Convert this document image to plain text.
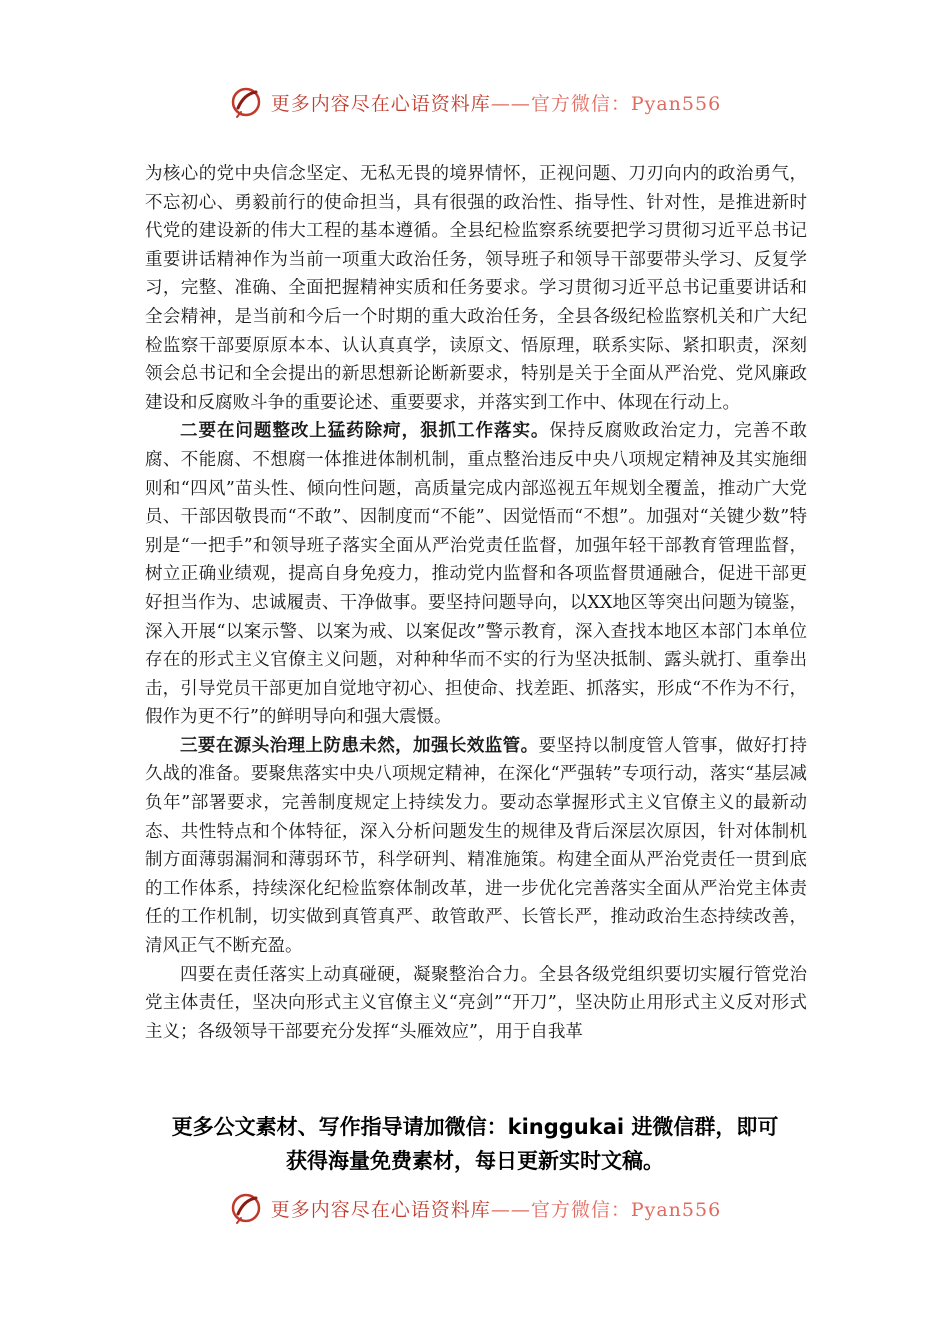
更多内容尽在心语资料库——官方微信：Pyan556

为核心的党中央信念坚定、无私无畏的境界情怀，正视问题、刀刃向内的政治勇气，不忘初心、勇毅前行的使命担当，具有很强的政治性、指导性、针对性，是推进新时代党的建设新的伟大工程的基本遵循。全县纪检监察系统要把学习贯彻习近平总书记重要讲话精神作为当前一项重大政治任务，领导班子和领导干部要带头学习、反复学习，完整、准确、全面把握精神实质和任务要求。学习贯彻习近平总书记重要讲话和全会精神，是当前和今后一个时期的重大政治任务，全县各级纪检监察机关和广大纪检监察干部要原原本本、认认真真学，读原文、悟原理，联系实际、紧扣职责，深刻领会总书记和全会提出的新思想新论断新要求，特别是关于全面从严治党、党风廉政建设和反腐败斗争的重要论述、重要要求，并落实到工作中、体现在行动上。

二要在问题整改上猛药除疴，狠抓工作落实。保持反腐败政治定力，完善不敢腐、不能腐、不想腐一体推进体制机制，重点整治违反中央八项规定精神及其实施细则和“四风”苗头性、倾向性问题，高质量完成内部巡视五年规划全覆盖，推动广大党员、干部因敬畏而“不敢”、因制度而“不能”、因觉悟而“不想”。加强对“关键少数”特别是“一把手”和领导班子落实全面从严治党责任监督，加强年轻干部教育管理监督，树立正确业绩观，提高自身免疫力，推动党内监督和各项监督贯通融合，促进干部更好担当作为、忠诚履责、干净做事。要坚持问题导向，以XX地区等突出问题为镜鉴，深入开展“以案示警、以案为戒、以案促改”警示教育，深入查找本地区本部门本单位存在的形式主义官僚主义问题，对种种华而不实的行为坚决抵制、露头就打、重拳出击，引导党员干部更加自觉地守初心、担使命、找差距、抓落实，形成“不作为不行，假作为更不行”的鲜明导向和强大震慑。

三要在源头治理上防患未然，加强长效监管。要坚持以制度管人管事，做好打持久战的准备。要聚焦落实中央八项规定精神，在深化“严强转”专项行动，落实“基层减负年”部署要求，完善制度规定上持续发力。要动态掌握形式主义官僚主义的最新动态、共性特点和个体特征，深入分析问题发生的规律及背后深层次原因，针对体制机制方面薄弱漏洞和薄弱环节，科学研判、精准施策。构建全面从严治党责任一贯到底的工作体系，持续深化纪检监察体制改革，进一步优化完善落实全面从严治党主体责任的工作机制，切实做到真管真严、敢管敢严、长管长严，推动政治生态持续改善，清风正气不断充盈。

四要在责任落实上动真碰硬，凝聚整治合力。全县各级党组织要切实履行管党治党主体责任，坚决向形式主义官僚主义“亮剑”“开刀”，坚决防止用形式主义反对形式主义；各级领导干部要充分发挥“头雁效应”，用于自我革

更多公文素材、写作指导请加微信：kinggukai 进微信群，即可
获得海量免费素材，每日更新实时文稿。
更多内容尽在心语资料库——官方微信：Pyan556
